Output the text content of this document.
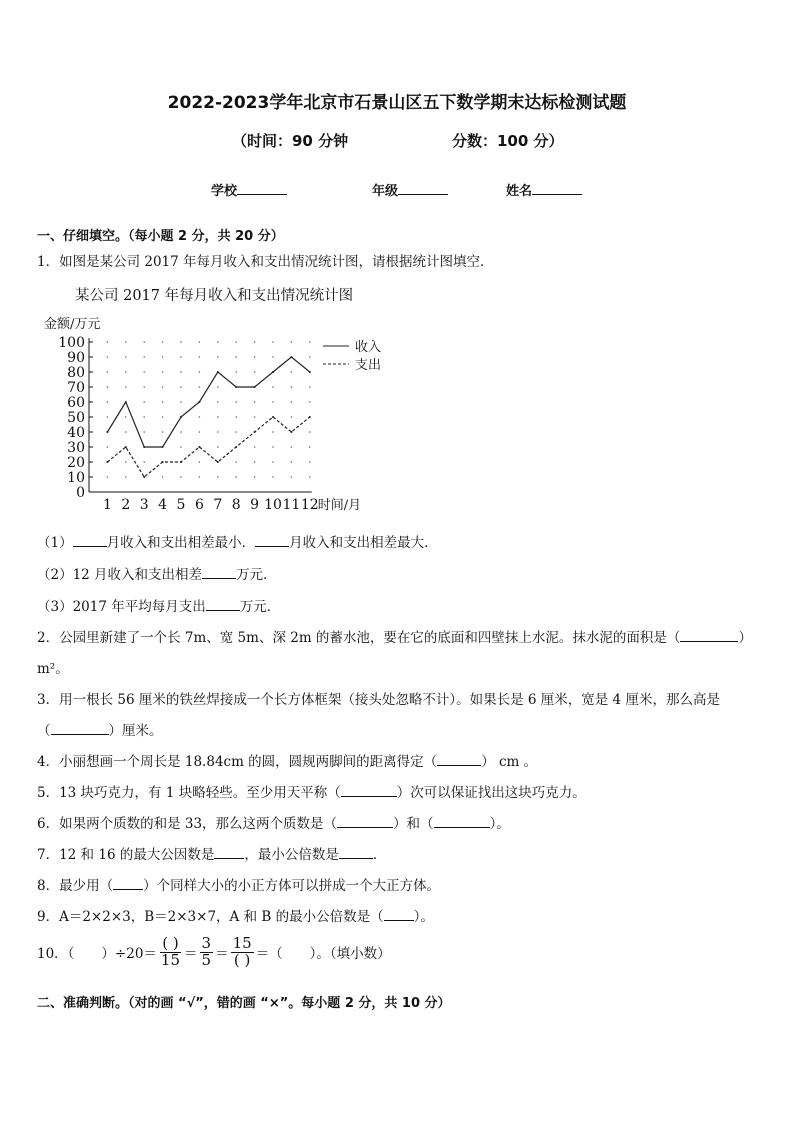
2022-2023学年北京市石景山区五下数学期末达标检测试题
（时间：90 分钟	分数：100 分）
学校	年级	姓名
一、仔细填空。（每小题 2 分，共 20 分）
1．如图是某公司 2017 年每月收入和支出情况统计图，请根据统计图填空．
某公司 2017 年每月收入和支出情况统计图
金额/万元
0
10
20
30
40
50
60
70
80
90
100
1 2 3 4 5 6 7 8 9 10 11 12 时间/月
收入
支出
（1）	月收入和支出相差最小．	月收入和支出相差最大．
（2）12 月收入和支出相差	万元．
（3）2017 年平均每月支出	万元．
2．公园里新建了一个长 7m、宽 5m、深 2m 的蓄水池，要在它的底面和四壁抹上水泥。抹水泥的面积是（	）
m²。
3．用一根长 56 厘米的铁丝焊接成一个长方体框架（接头处忽略不计）。如果长是 6 厘米，宽是 4 厘米，那么高是
（	）厘米。
4．小丽想画一个周长是 18.84cm 的圆，圆规两脚间的距离得定（	） cm 。
5．13 块巧克力，有 1 块略轻些。至少用天平称（	）次可以保证找出这块巧克力。
6．如果两个质数的和是 33，那么这两个质数是（	）和（	）。
7．12 和 16 的最大公因数是 ，最小公倍数是	．
8．最少用（ ）个同样大小的小正方体可以拼成一个大正方体。
9．A＝2×2×3，B＝2×3×7，A 和 B 的最小公倍数是（ ）。
10．（　　）$\div 20= \frac{( )}{15} = \frac{3}{5} = \frac{15}{( )}$ ＝（　　）。（填小数）
二、准确判断。（对的画 “√”，错的画 “×”。每小题 2 分，共 10 分）
